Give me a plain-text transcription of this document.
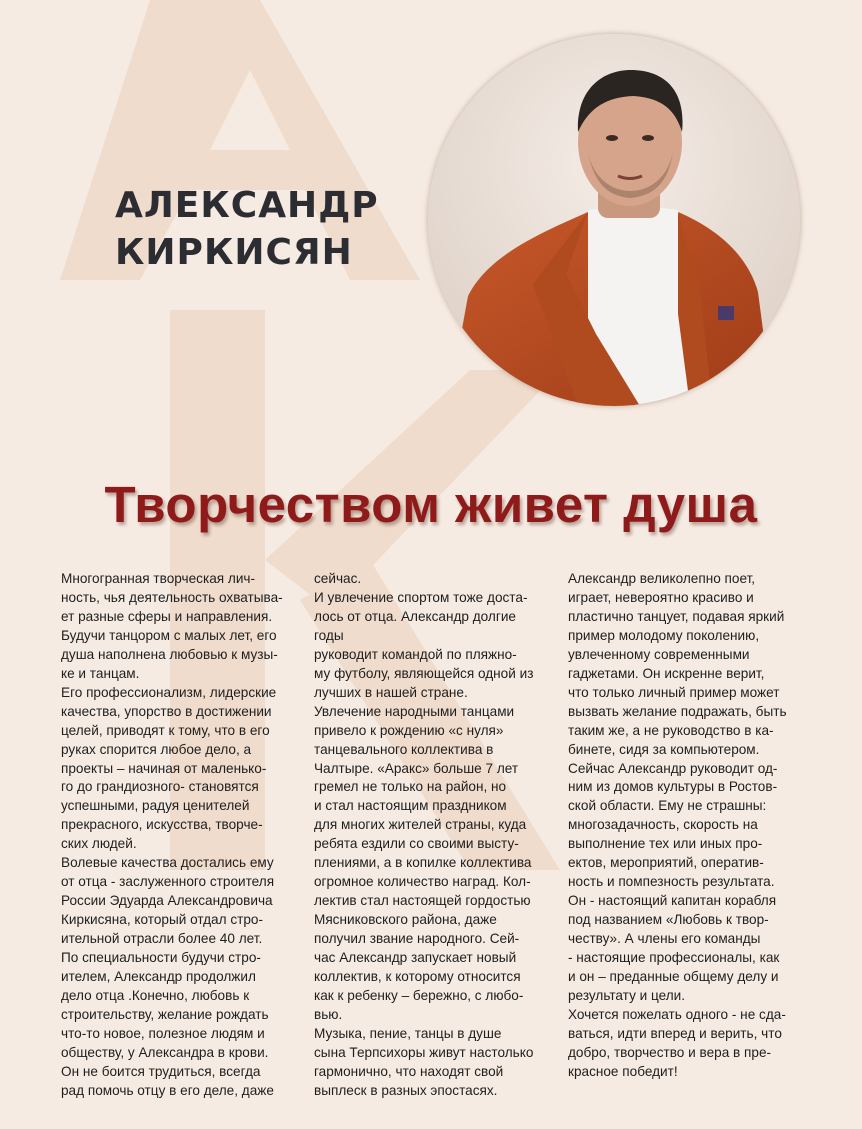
АЛЕКСАНДР
КИРКИСЯН
Творчеством живет душа
Многогранная творческая лич-
ность, чья деятельность охватыва-
ет разные сферы и направления.
Будучи танцором с малых лет, его
душа наполнена любовью к музы-
ке и танцам.
Его профессионализм, лидерские
качества, упорство в достижении
целей, приводят к тому, что в его
руках спорится любое дело, а
проекты – начиная от маленько-
го до грандиозного- становятся
успешными, радуя ценителей
прекрасного, искусства, творче-
ских людей.
Волевые качества достались ему
от отца - заслуженного строителя
России Эдуарда Александровича
Киркисяна, который отдал стро-
ительной отрасли более 40 лет.
По специальности будучи стро-
ителем, Александр продолжил
дело отца .Конечно, любовь к
строительству, желание рождать
что-то новое, полезное людям и
обществу, у Александра в крови.
Он не боится трудиться, всегда
рад помочь отцу в его деле, даже
сейчас.
И увлечение спортом тоже доста-
лось от отца. Александр долгие
годы
руководит командой по пляжно-
му футболу, являющейся одной из
лучших в нашей стране.
Увлечение народными танцами
привело к рождению «с нуля»
танцевального коллектива в
Чалтыре. «Аракс» больше 7 лет
гремел не только на район, но
и стал настоящим праздником
для многих жителей страны, куда
ребята ездили со своими высту-
плениями, а в копилке коллектива
огромное количество наград. Кол-
лектив стал настоящей гордостью
Мясниковского района, даже
получил звание народного. Сей-
час Александр запускает новый
коллектив, к которому относится
как к ребенку – бережно, с любо-
вью.
Музыка, пение, танцы в душе
сына Терпсихоры живут настолько
гармонично, что находят свой
выплеск в разных эпостасях.
Александр великолепно поет,
играет, невероятно красиво и
пластично танцует, подавая яркий
пример молодому поколению,
увлеченному современными
гаджетами. Он искренне верит,
что только личный пример может
вызвать желание подражать, быть
таким же, а не руководство в ка-
бинете, сидя за компьютером.
Сейчас Александр руководит од-
ним из домов культуры в Ростов-
ской области. Ему не страшны:
многозадачность, скорость на
выполнение тех или иных про-
ектов, мероприятий, оператив-
ность и помпезность результата.
Он - настоящий капитан корабля
под названием «Любовь к твор-
честву». А члены его команды
- настоящие профессионалы, как
и он – преданные общему делу и
результату и цели.
Хочется пожелать одного - не сда-
ваться, идти вперед и верить, что
добро, творчество и вера в пре-
красное победит!
